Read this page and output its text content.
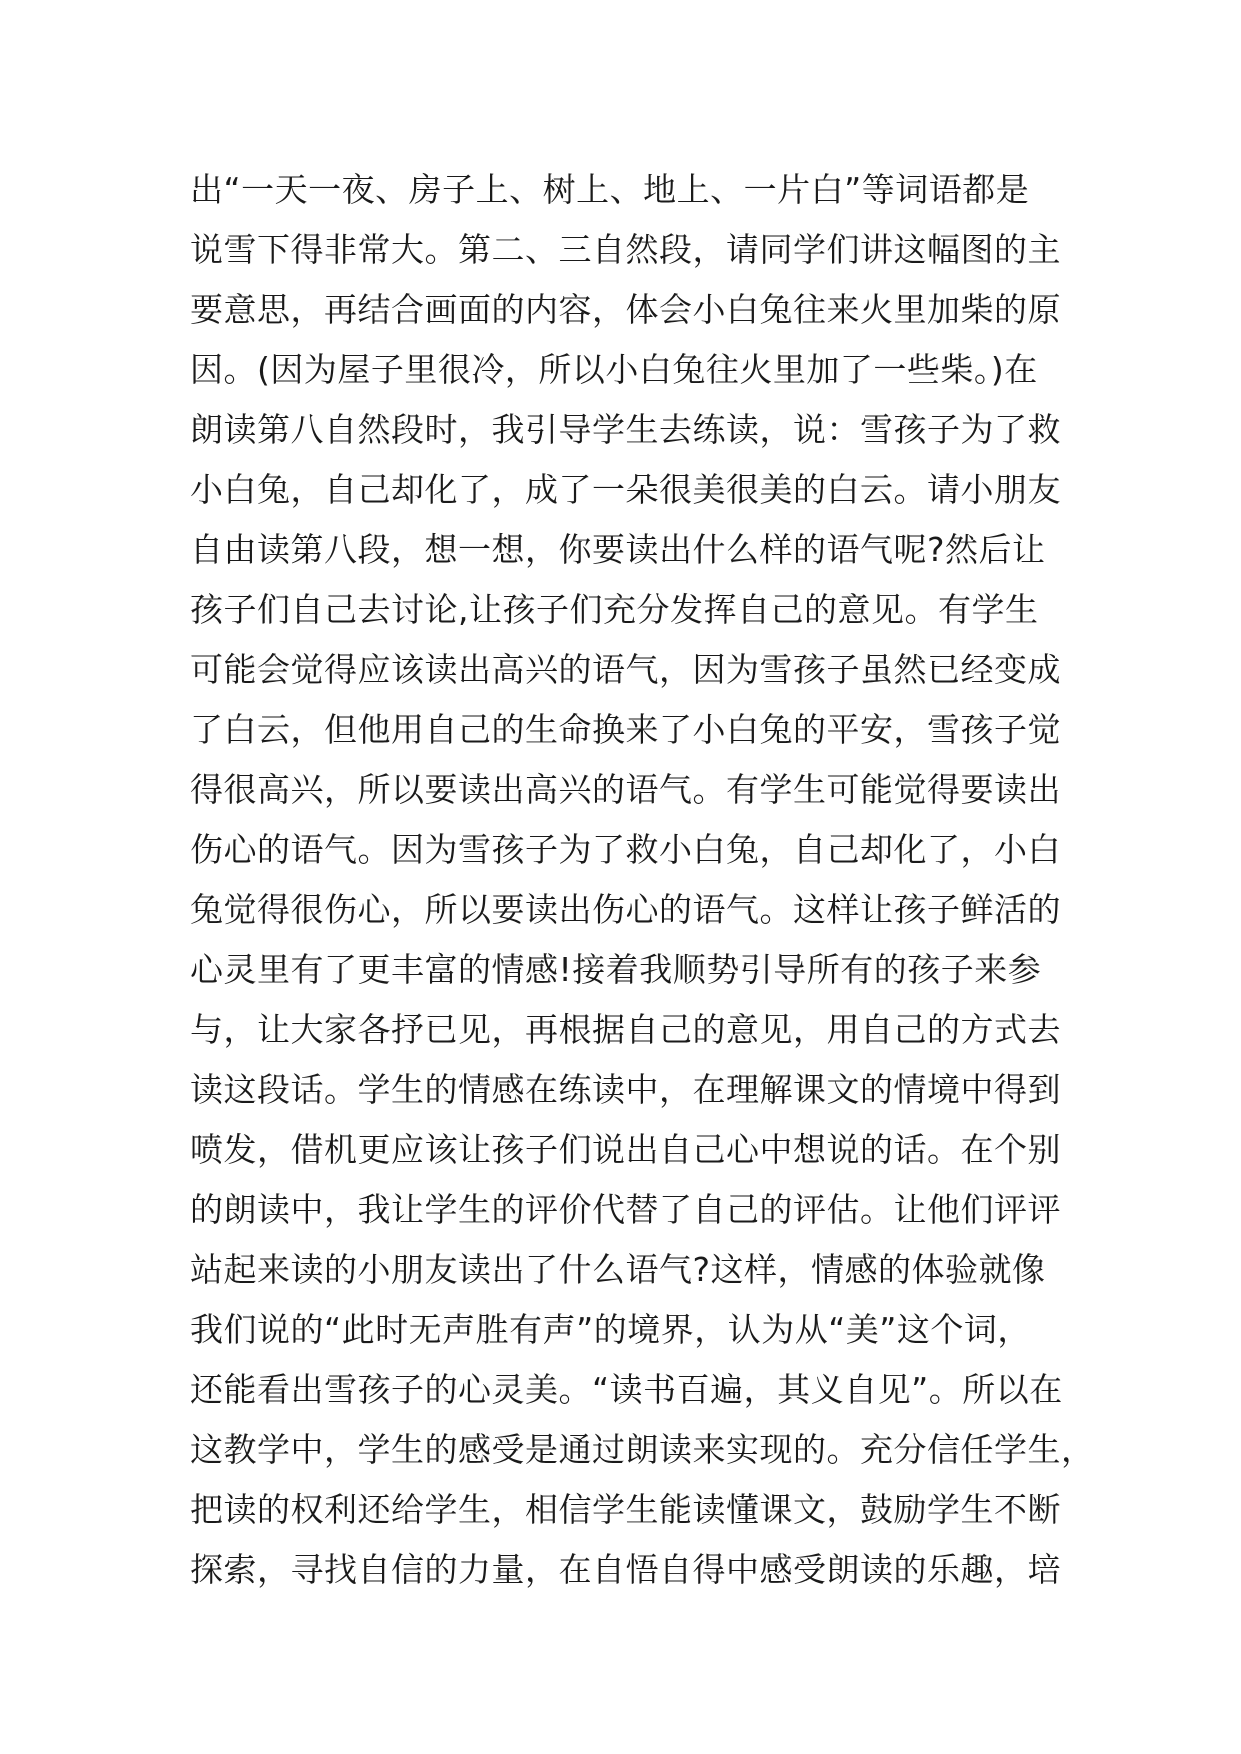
出“一天一夜、房子上、树上、地上、一片白”等词语都是
说雪下得非常大。第二、三自然段，请同学们讲这幅图的主
要意思，再结合画面的内容，体会小白兔往来火里加柴的原
因。(因为屋子里很冷，所以小白兔往火里加了一些柴。)在
朗读第八自然段时，我引导学生去练读，说：雪孩子为了救
小白兔，自己却化了，成了一朵很美很美的白云。请小朋友
自由读第八段，想一想，你要读出什么样的语气呢?然后让
孩子们自己去讨论,让孩子们充分发挥自己的意见。有学生
可能会觉得应该读出高兴的语气，因为雪孩子虽然已经变成
了白云，但他用自己的生命换来了小白兔的平安，雪孩子觉
得很高兴，所以要读出高兴的语气。有学生可能觉得要读出
伤心的语气。因为雪孩子为了救小白兔，自己却化了，小白
兔觉得很伤心，所以要读出伤心的语气。这样让孩子鲜活的
心灵里有了更丰富的情感!接着我顺势引导所有的孩子来参
与，让大家各抒已见，再根据自己的意见，用自己的方式去
读这段话。学生的情感在练读中，在理解课文的情境中得到
喷发，借机更应该让孩子们说出自己心中想说的话。在个别
的朗读中，我让学生的评价代替了自己的评估。让他们评评
站起来读的小朋友读出了什么语气?这样，情感的体验就像
我们说的“此时无声胜有声”的境界，认为从“美”这个词，
还能看出雪孩子的心灵美。“读书百遍，其义自见”。所以在
这教学中，学生的感受是通过朗读来实现的。充分信任学生，
把读的权利还给学生，相信学生能读懂课文，鼓励学生不断
探索，寻找自信的力量，在自悟自得中感受朗读的乐趣，培
